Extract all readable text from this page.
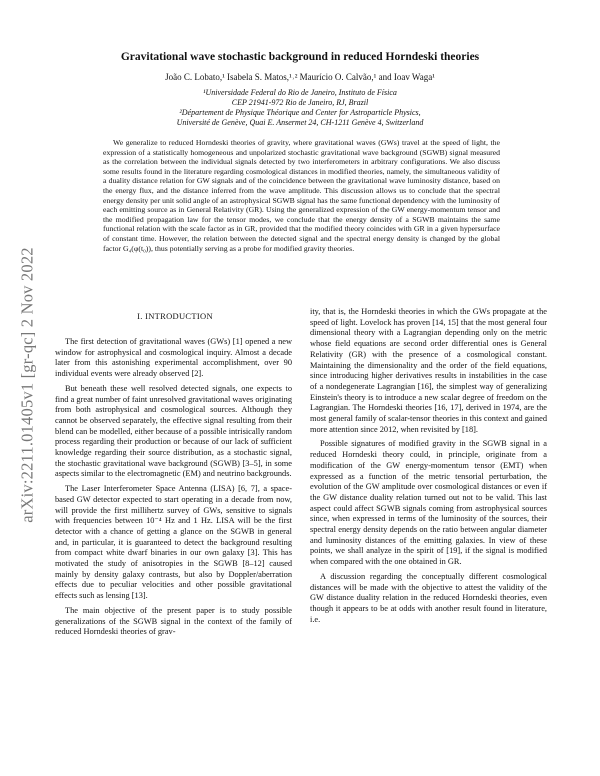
arXiv:2211.01405v1 [gr-qc] 2 Nov 2022
Gravitational wave stochastic background in reduced Horndeski theories
João C. Lobato,¹ Isabela S. Matos,¹˒² Maurício O. Calvão,¹ and Ioav Waga¹
¹Universidade Federal do Rio de Janeiro, Instituto de Física
CEP 21941-972 Rio de Janeiro, RJ, Brazil
²Département de Physique Théorique and Center for Astroparticle Physics,
Université de Genève, Quai E. Ansermet 24, CH-1211 Genève 4, Switzerland

We generalize to reduced Horndeski theories of gravity, where gravitational waves (GWs) travel at the speed of light, the expression of a statistically homogeneous and unpolarized stochastic gravitational wave background (SGWB) signal measured as the correlation between the individual signals detected by two interferometers in arbitrary configurations. We also discuss some results found in the literature regarding cosmological distances in modified theories, namely, the simultaneous validity of a duality distance relation for GW signals and of the coincidence between the gravitational wave luminosity distance, based on the energy flux, and the distance inferred from the wave amplitude. This discussion allows us to conclude that the spectral energy density per unit solid angle of an astrophysical SGWB signal has the same functional dependency with the luminosity of each emitting source as in General Relativity (GR). Using the generalized expression of the GW energy-momentum tensor and the modified propagation law for the tensor modes, we conclude that the energy density of a SGWB maintains the same functional relation with the scale factor as in GR, provided that the modified theory coincides with GR in a given hypersurface of constant time. However, the relation between the detected signal and the spectral energy density is changed by the global factor G₄(φ(t₀)), thus potentially serving as a probe for modified gravity theories.

I. INTRODUCTION

The first detection of gravitational waves (GWs) [1] opened a new window for astrophysical and cosmological inquiry. Almost a decade later from this astonishing experimental accomplishment, over 90 individual events were already observed [2].

But beneath these well resolved detected signals, one expects to find a great number of faint unresolved gravitational waves originating from both astrophysical and cosmological sources. Although they cannot be observed separately, the effective signal resulting from their blend can be modelled, either because of a possible intrisically random process regarding their production or because of our lack of sufficient knowledge regarding their source distribution, as a stochastic signal, the stochastic gravitational wave background (SGWB) [3–5], in some aspects similar to the electromagnetic (EM) and neutrino backgrounds.

The Laser Interferometer Space Antenna (LISA) [6, 7], a space-based GW detector expected to start operating in a decade from now, will provide the first millihertz survey of GWs, sensitive to signals with frequencies between 10⁻⁴ Hz and 1 Hz. LISA will be the first detector with a chance of getting a glance on the SGWB in general and, in particular, it is guaranteed to detect the background resulting from compact white dwarf binaries in our own galaxy [3]. This has motivated the study of anisotropies in the SGWB [8–12] caused mainly by density galaxy contrasts, but also by Doppler/aberration effects due to peculiar velocities and other possible gravitational effects such as lensing [13].

The main objective of the present paper is to study possible generalizations of the SGWB signal in the context of the family of reduced Horndeski theories of grav-

ity, that is, the Horndeski theories in which the GWs propagate at the speed of light. Lovelock has proven [14, 15] that the most general four dimensional theory with a Lagrangian depending only on the metric whose field equations are second order differential ones is General Relativity (GR) with the presence of a cosmological constant. Maintaining the dimensionality and the order of the field equations, since introducing higher derivatives results in instabilities in the case of a nondegenerate Lagrangian [16], the simplest way of generalizing Einstein's theory is to introduce a new scalar degree of freedom on the Lagrangian. The Horndeski theories [16, 17], derived in 1974, are the most general family of scalar-tensor theories in this context and gained more attention since 2012, when revisited by [18].

Possible signatures of modified gravity in the SGWB signal in a reduced Horndeski theory could, in principle, originate from a modification of the GW energy-momentum tensor (EMT) when expressed as a function of the metric tensorial perturbation, the evolution of the GW amplitude over cosmological distances or even if the GW distance duality relation turned out not to be valid. This last aspect could affect SGWB signals coming from astrophysical sources since, when expressed in terms of the luminosity of the sources, their spectral energy density depends on the ratio between angular diameter and luminosity distances of the emitting galaxies. In view of these points, we shall analyze in the spirit of [19], if the signal is modified when compared with the one obtained in GR.

A discussion regarding the conceptually different cosmological distances will be made with the objective to attest the validity of the GW distance duality relation in the reduced Horndeski theories, even though it appears to be at odds with another result found in literature, i.e.
